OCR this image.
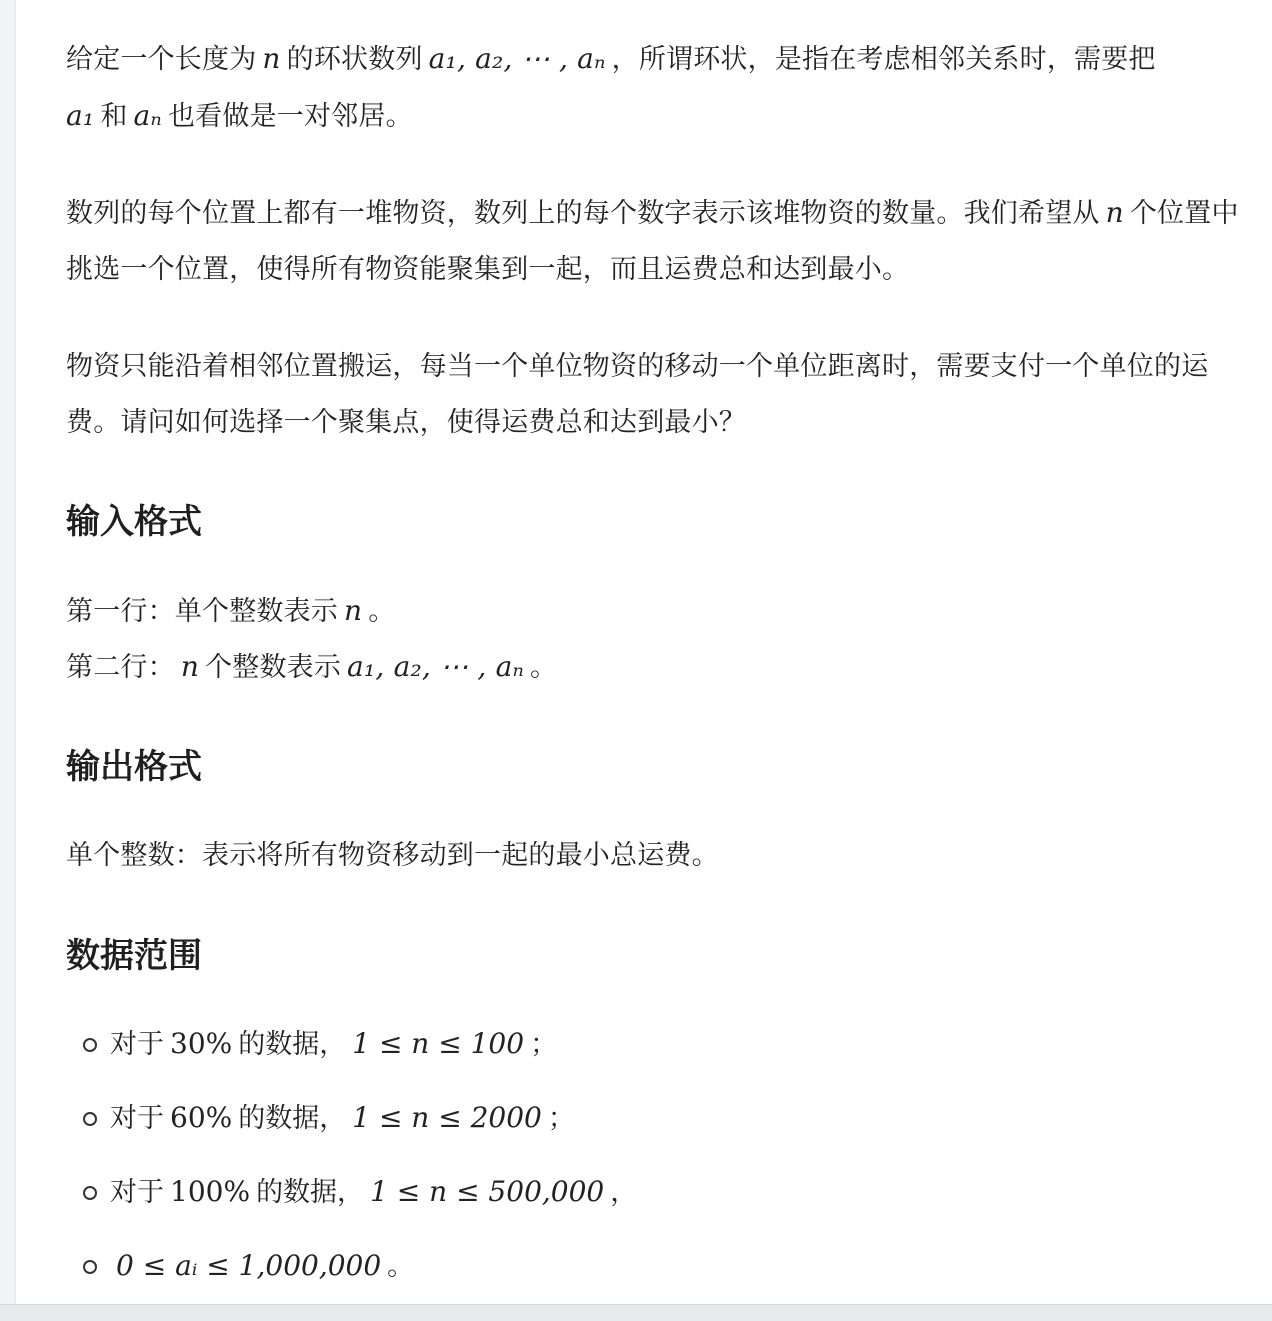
给定一个长度为 n 的环状数列 a₁, a₂, ⋯ , aₙ ，所谓环状，是指在考虑相邻关系时，需要把
a₁ 和 aₙ 也看做是一对邻居。

数列的每个位置上都有一堆物资，数列上的每个数字表示该堆物资的数量。我们希望从 n 个位置中挑选一个位置，使得所有物资能聚集到一起，而且运费总和达到最小。

物资只能沿着相邻位置搬运，每当一个单位物资的移动一个单位距离时，需要支付一个单位的运费。请问如何选择一个聚集点，使得运费总和达到最小？

输入格式
第一行：单个整数表示 n 。
第二行： n 个整数表示 a₁, a₂, ⋯ , aₙ 。
输出格式

单个整数：表示将所有物资移动到一起的最小总运费。

数据范围
对于 30% 的数据， 1 ≤ n ≤ 100 ；
对于 60% 的数据， 1 ≤ n ≤ 2000 ；
对于 100% 的数据， 1 ≤ n ≤ 500,000 ，
0 ≤ aᵢ ≤ 1,000,000 。
